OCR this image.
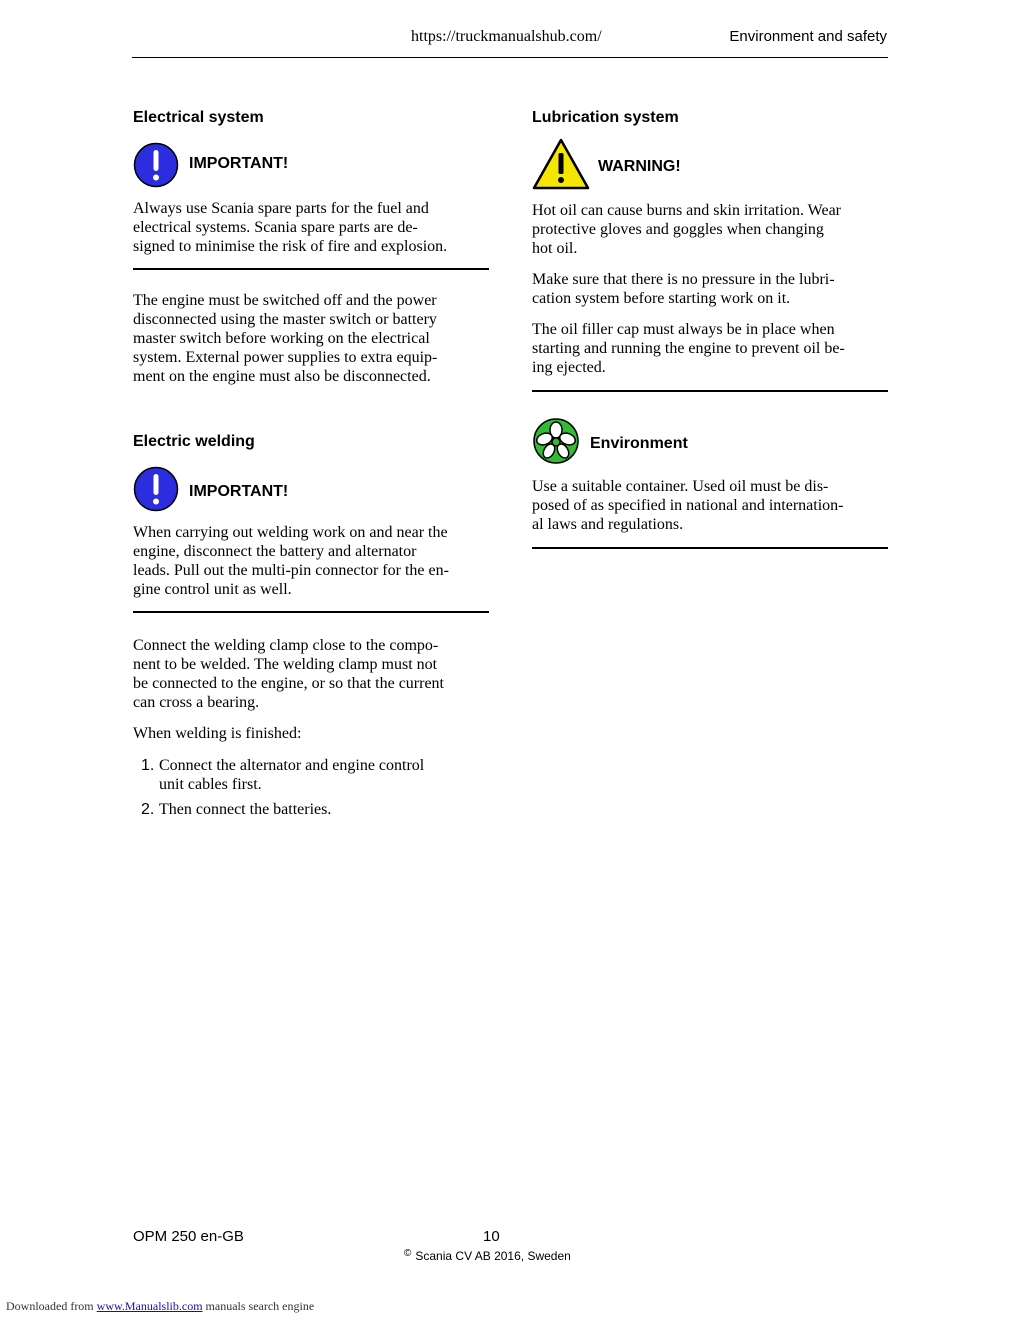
https://truckmanualshub.com/	Environment and safety
Electrical system
IMPORTANT!

Always use Scania spare parts for the fuel and

electrical systems. Scania spare parts are de-

signed to minimise the risk of fire and explosion.

The engine must be switched off and the power

disconnected using the master switch or battery

master switch before working on the electrical

system. External power supplies to extra equip-

ment on the engine must also be disconnected.

Electric welding
IMPORTANT!

When carrying out welding work on and near the

engine, disconnect the battery and alternator

leads. Pull out the multi-pin connector for the en-

gine control unit as well.

Connect the welding clamp close to the compo-

nent to be welded. The welding clamp must not

be connected to the engine, or so that the current

can cross a bearing.

When welding is finished:

1. Connect the alternator and engine control
unit cables first.
2. Then connect the batteries.
Lubrication system
WARNING!

Hot oil can cause burns and skin irritation. Wear

protective gloves and goggles when changing

hot oil.

Make sure that there is no pressure in the lubri-

cation system before starting work on it.

The oil filler cap must always be in place when

starting and running the engine to prevent oil be-

ing ejected.

Environment

Use a suitable container. Used oil must be dis-

posed of as specified in national and internation-

al laws and regulations.

OPM 250 en-GB	10
© Scania CV AB 2016, Sweden
Downloaded from www.Manualslib.com manuals search engine
